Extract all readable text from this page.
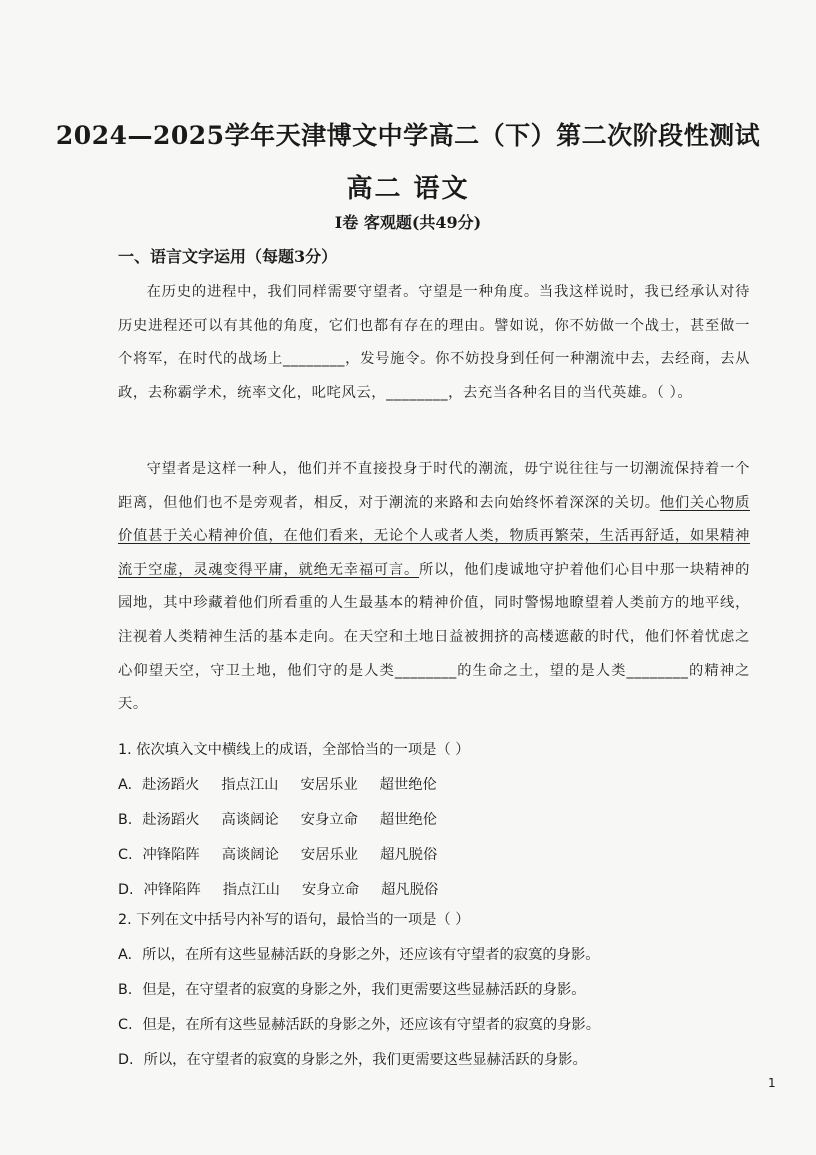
2024—2025学年天津博文中学高二（下）第二次阶段性测试
高二 语文
Ⅰ卷 客观题(共49分)
一、语言文字运用（每题3分）

在历史的进程中，我们同样需要守望者。守望是一种角度。当我这样说时，我已经承认对待历史进程还可以有其他的角度，它们也都有存在的理由。譬如说，你不妨做一个战士，甚至做一个将军，在时代的战场上________，发号施令。你不妨投身到任何一种潮流中去，去经商，去从政，去称霸学术，统率文化，叱咤风云，________，去充当各种名目的当代英雄。（ ）。

守望者是这样一种人，他们并不直接投身于时代的潮流，毋宁说往往与一切潮流保持着一个距离，但他们也不是旁观者，相反，对于潮流的来路和去向始终怀着深深的关切。他们关心物质价值甚于关心精神价值，在他们看来，无论个人或者人类，物质再繁荣，生活再舒适，如果精神流于空虚，灵魂变得平庸，就绝无幸福可言。所以，他们虔诚地守护着他们心目中那一块精神的园地，其中珍藏着他们所看重的人生最基本的精神价值，同时警惕地瞭望着人类前方的地平线，注视着人类精神生活的基本走向。在天空和土地日益被拥挤的高楼遮蔽的时代，他们怀着忧虑之心仰望天空，守卫土地，他们守的是人类________的生命之土，望的是人类________的精神之天。

1. 依次填入文中横线上的成语，全部恰当的一项是（ ）
A. 赴汤蹈火 指点江山 安居乐业 超世绝伦
B. 赴汤蹈火 高谈阔论 安身立命 超世绝伦
C. 冲锋陷阵 高谈阔论 安居乐业 超凡脱俗
D. 冲锋陷阵 指点江山 安身立命 超凡脱俗
2. 下列在文中括号内补写的语句，最恰当的一项是（ ）
A. 所以，在所有这些显赫活跃的身影之外，还应该有守望者的寂寞的身影。
B. 但是，在守望者的寂寞的身影之外，我们更需要这些显赫活跃的身影。
C. 但是，在所有这些显赫活跃的身影之外，还应该有守望者的寂寞的身影。
D. 所以，在守望者的寂寞的身影之外，我们更需要这些显赫活跃的身影。
1
